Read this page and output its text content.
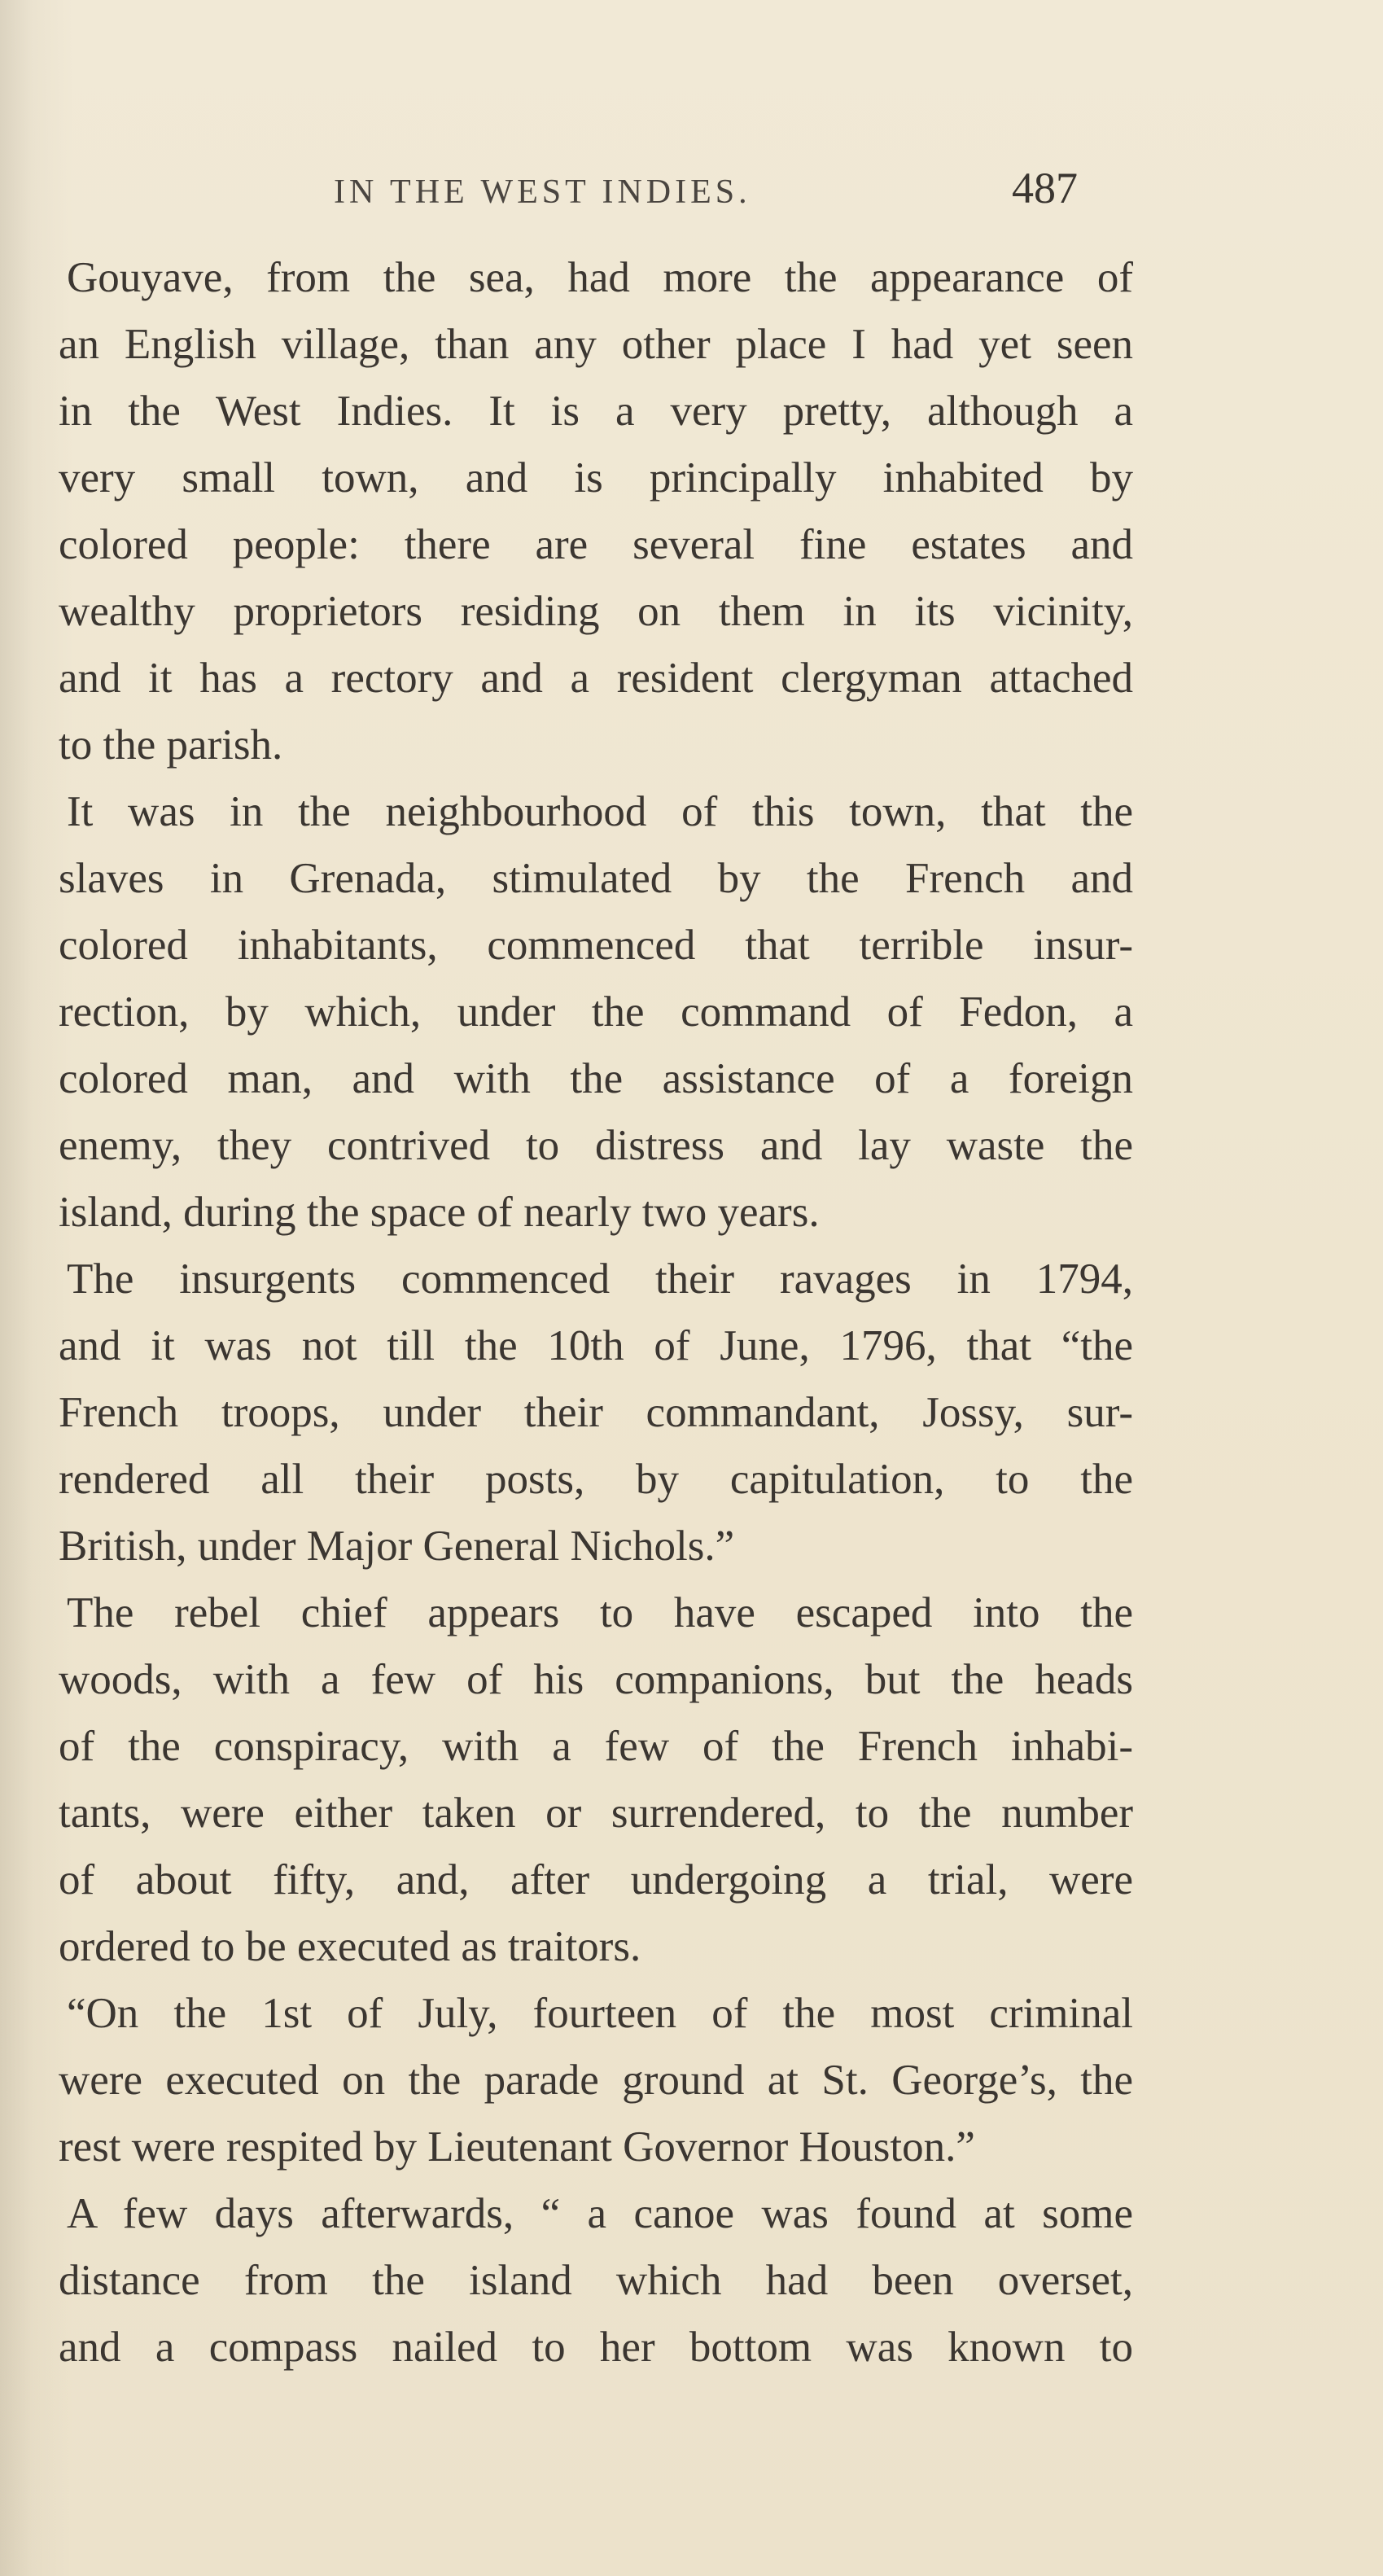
IN THE WEST INDIES.	487
Gouyave, from the sea, had more the appearance of
an English village, than any other place I had yet seen
in the West Indies. It is a very pretty, although a
very small town, and is principally inhabited by
colored people: there are several fine estates and
wealthy proprietors residing on them in its vicinity,
and it has a rectory and a resident clergyman attached
to the parish.
It was in the neighbourhood of this town, that the
slaves in Grenada, stimulated by the French and
colored inhabitants, commenced that terrible insur-
rection, by which, under the command of Fedon, a
colored man, and with the assistance of a foreign
enemy, they contrived to distress and lay waste the
island, during the space of nearly two years.
The insurgents commenced their ravages in 1794,
and it was not till the 10th of June, 1796, that “the
French troops, under their commandant, Jossy, sur-
rendered all their posts, by capitulation, to the
British, under Major General Nichols.”
The rebel chief appears to have escaped into the
woods, with a few of his companions, but the heads
of the conspiracy, with a few of the French inhabi-
tants, were either taken or surrendered, to the number
of about fifty, and, after undergoing a trial, were
ordered to be executed as traitors.
“On the 1st of July, fourteen of the most criminal
were executed on the parade ground at St. George’s, the
rest were respited by Lieutenant Governor Houston.”
A few days afterwards, “ a canoe was found at some
distance from the island which had been overset,
and a compass nailed to her bottom was known to
